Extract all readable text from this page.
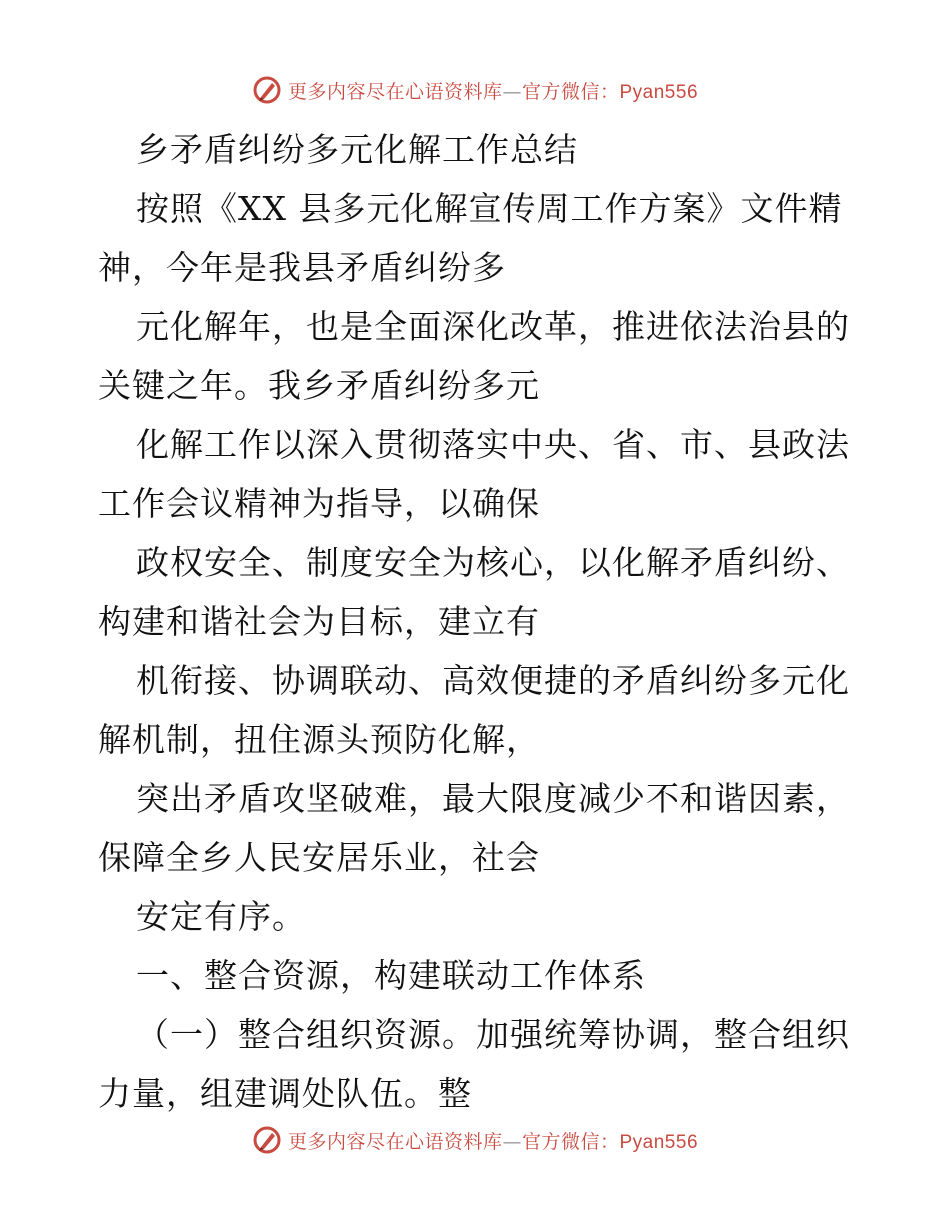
更多内容尽在心语资料库—官方微信：Pyan556
乡矛盾纠纷多元化解工作总结
按照《XX 县多元化解宣传周工作方案》文件精
神，今年是我县矛盾纠纷多
元化解年，也是全面深化改革，推进依法治县的
关键之年。我乡矛盾纠纷多元
化解工作以深入贯彻落实中央、省、市、县政法
工作会议精神为指导，以确保
政权安全、制度安全为核心，以化解矛盾纠纷、
构建和谐社会为目标，建立有
机衔接、协调联动、高效便捷的矛盾纠纷多元化
解机制，扭住源头预防化解，
突出矛盾攻坚破难，最大限度减少不和谐因素，
保障全乡人民安居乐业，社会
安定有序。
一、整合资源，构建联动工作体系
（一）整合组织资源。加强统筹协调，整合组织
力量，组建调处队伍。整
更多内容尽在心语资料库—官方微信：Pyan556
